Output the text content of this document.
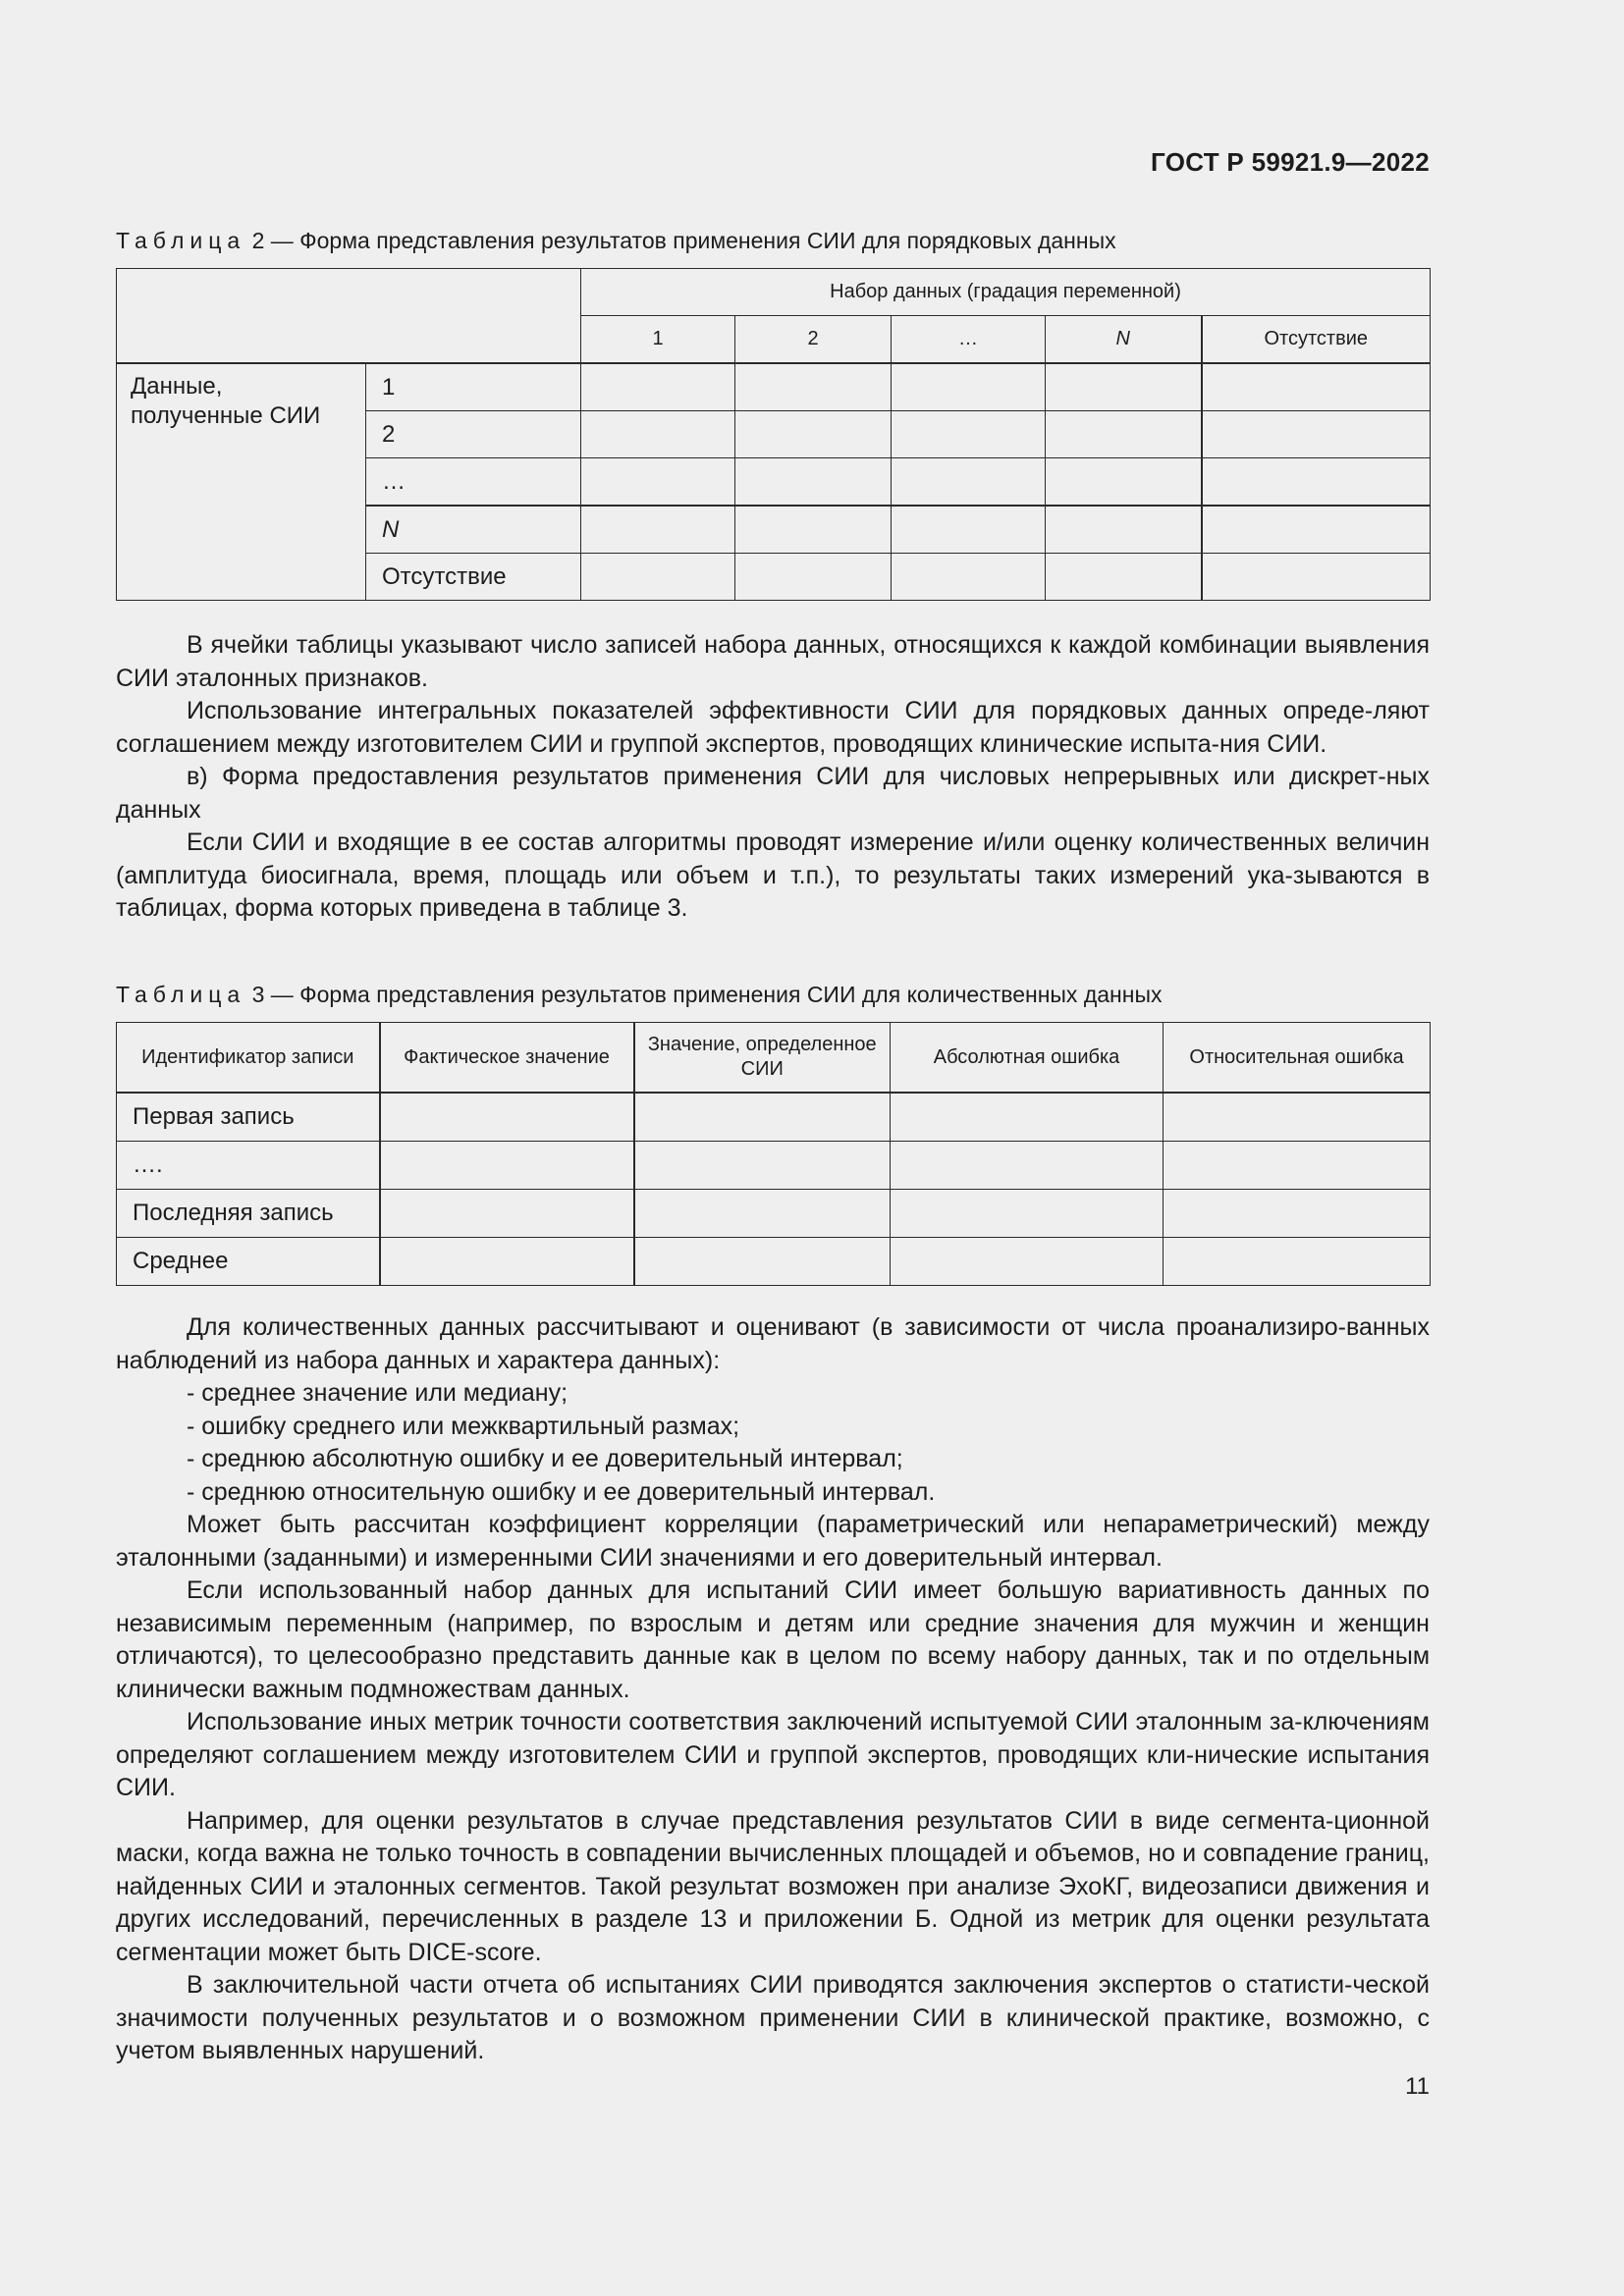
ГОСТ Р 59921.9—2022
Таблица 2 — Форма представления результатов применения СИИ для порядковых данных
		Набор данных (градация переменной)				
		1	2	…	N	Отсутствие
Данные, полученные СИИ	1					
	2					
	…					
	N					
	Отсутствие					

В ячейки таблицы указывают число записей набора данных, относящихся к каждой комбинации выявления СИИ эталонных признаков.

Использование интегральных показателей эффективности СИИ для порядковых данных опреде-ляют соглашением между изготовителем СИИ и группой экспертов, проводящих клинические испыта-ния СИИ.

в) Форма предоставления результатов применения СИИ для числовых непрерывных или дискрет-ных данных

Если СИИ и входящие в ее состав алгоритмы проводят измерение и/или оценку количественных величин (амплитуда биосигнала, время, площадь или объем и т.п.), то результаты таких измерений ука-зываются в таблицах, форма которых приведена в таблице 3.

Таблица 3 — Форма представления результатов применения СИИ для количественных данных
Идентификатор записи	Фактическое значение	Значение, определенное СИИ	Абсолютная ошибка	Относительная ошибка
Первая запись				
….				
Последняя запись				
Среднее				

Для количественных данных рассчитывают и оценивают (в зависимости от числа проанализиро-ванных наблюдений из набора данных и характера данных):

- среднее значение или медиану;

- ошибку среднего или межквартильный размах;

- среднюю абсолютную ошибку и ее доверительный интервал;

- среднюю относительную ошибку и ее доверительный интервал.

Может быть рассчитан коэффициент корреляции (параметрический или непараметрический) между эталонными (заданными) и измеренными СИИ значениями и его доверительный интервал.

Если использованный набор данных для испытаний СИИ имеет большую вариативность данных по независимым переменным (например, по взрослым и детям или средние значения для мужчин и женщин отличаются), то целесообразно представить данные как в целом по всему набору данных, так и по отдельным клинически важным подмножествам данных.

Использование иных метрик точности соответствия заключений испытуемой СИИ эталонным за-ключениям определяют соглашением между изготовителем СИИ и группой экспертов, проводящих кли-нические испытания СИИ.

Например, для оценки результатов в случае представления результатов СИИ в виде сегмента-ционной маски, когда важна не только точность в совпадении вычисленных площадей и объемов, но и совпадение границ, найденных СИИ и эталонных сегментов. Такой результат возможен при анализе ЭхоКГ, видеозаписи движения и других исследований, перечисленных в разделе 13 и приложении Б. Одной из метрик для оценки результата сегментации может быть DICE-score.

В заключительной части отчета об испытаниях СИИ приводятся заключения экспертов о статисти-ческой значимости полученных результатов и о возможном применении СИИ в клинической практике, возможно, с учетом выявленных нарушений.

11
